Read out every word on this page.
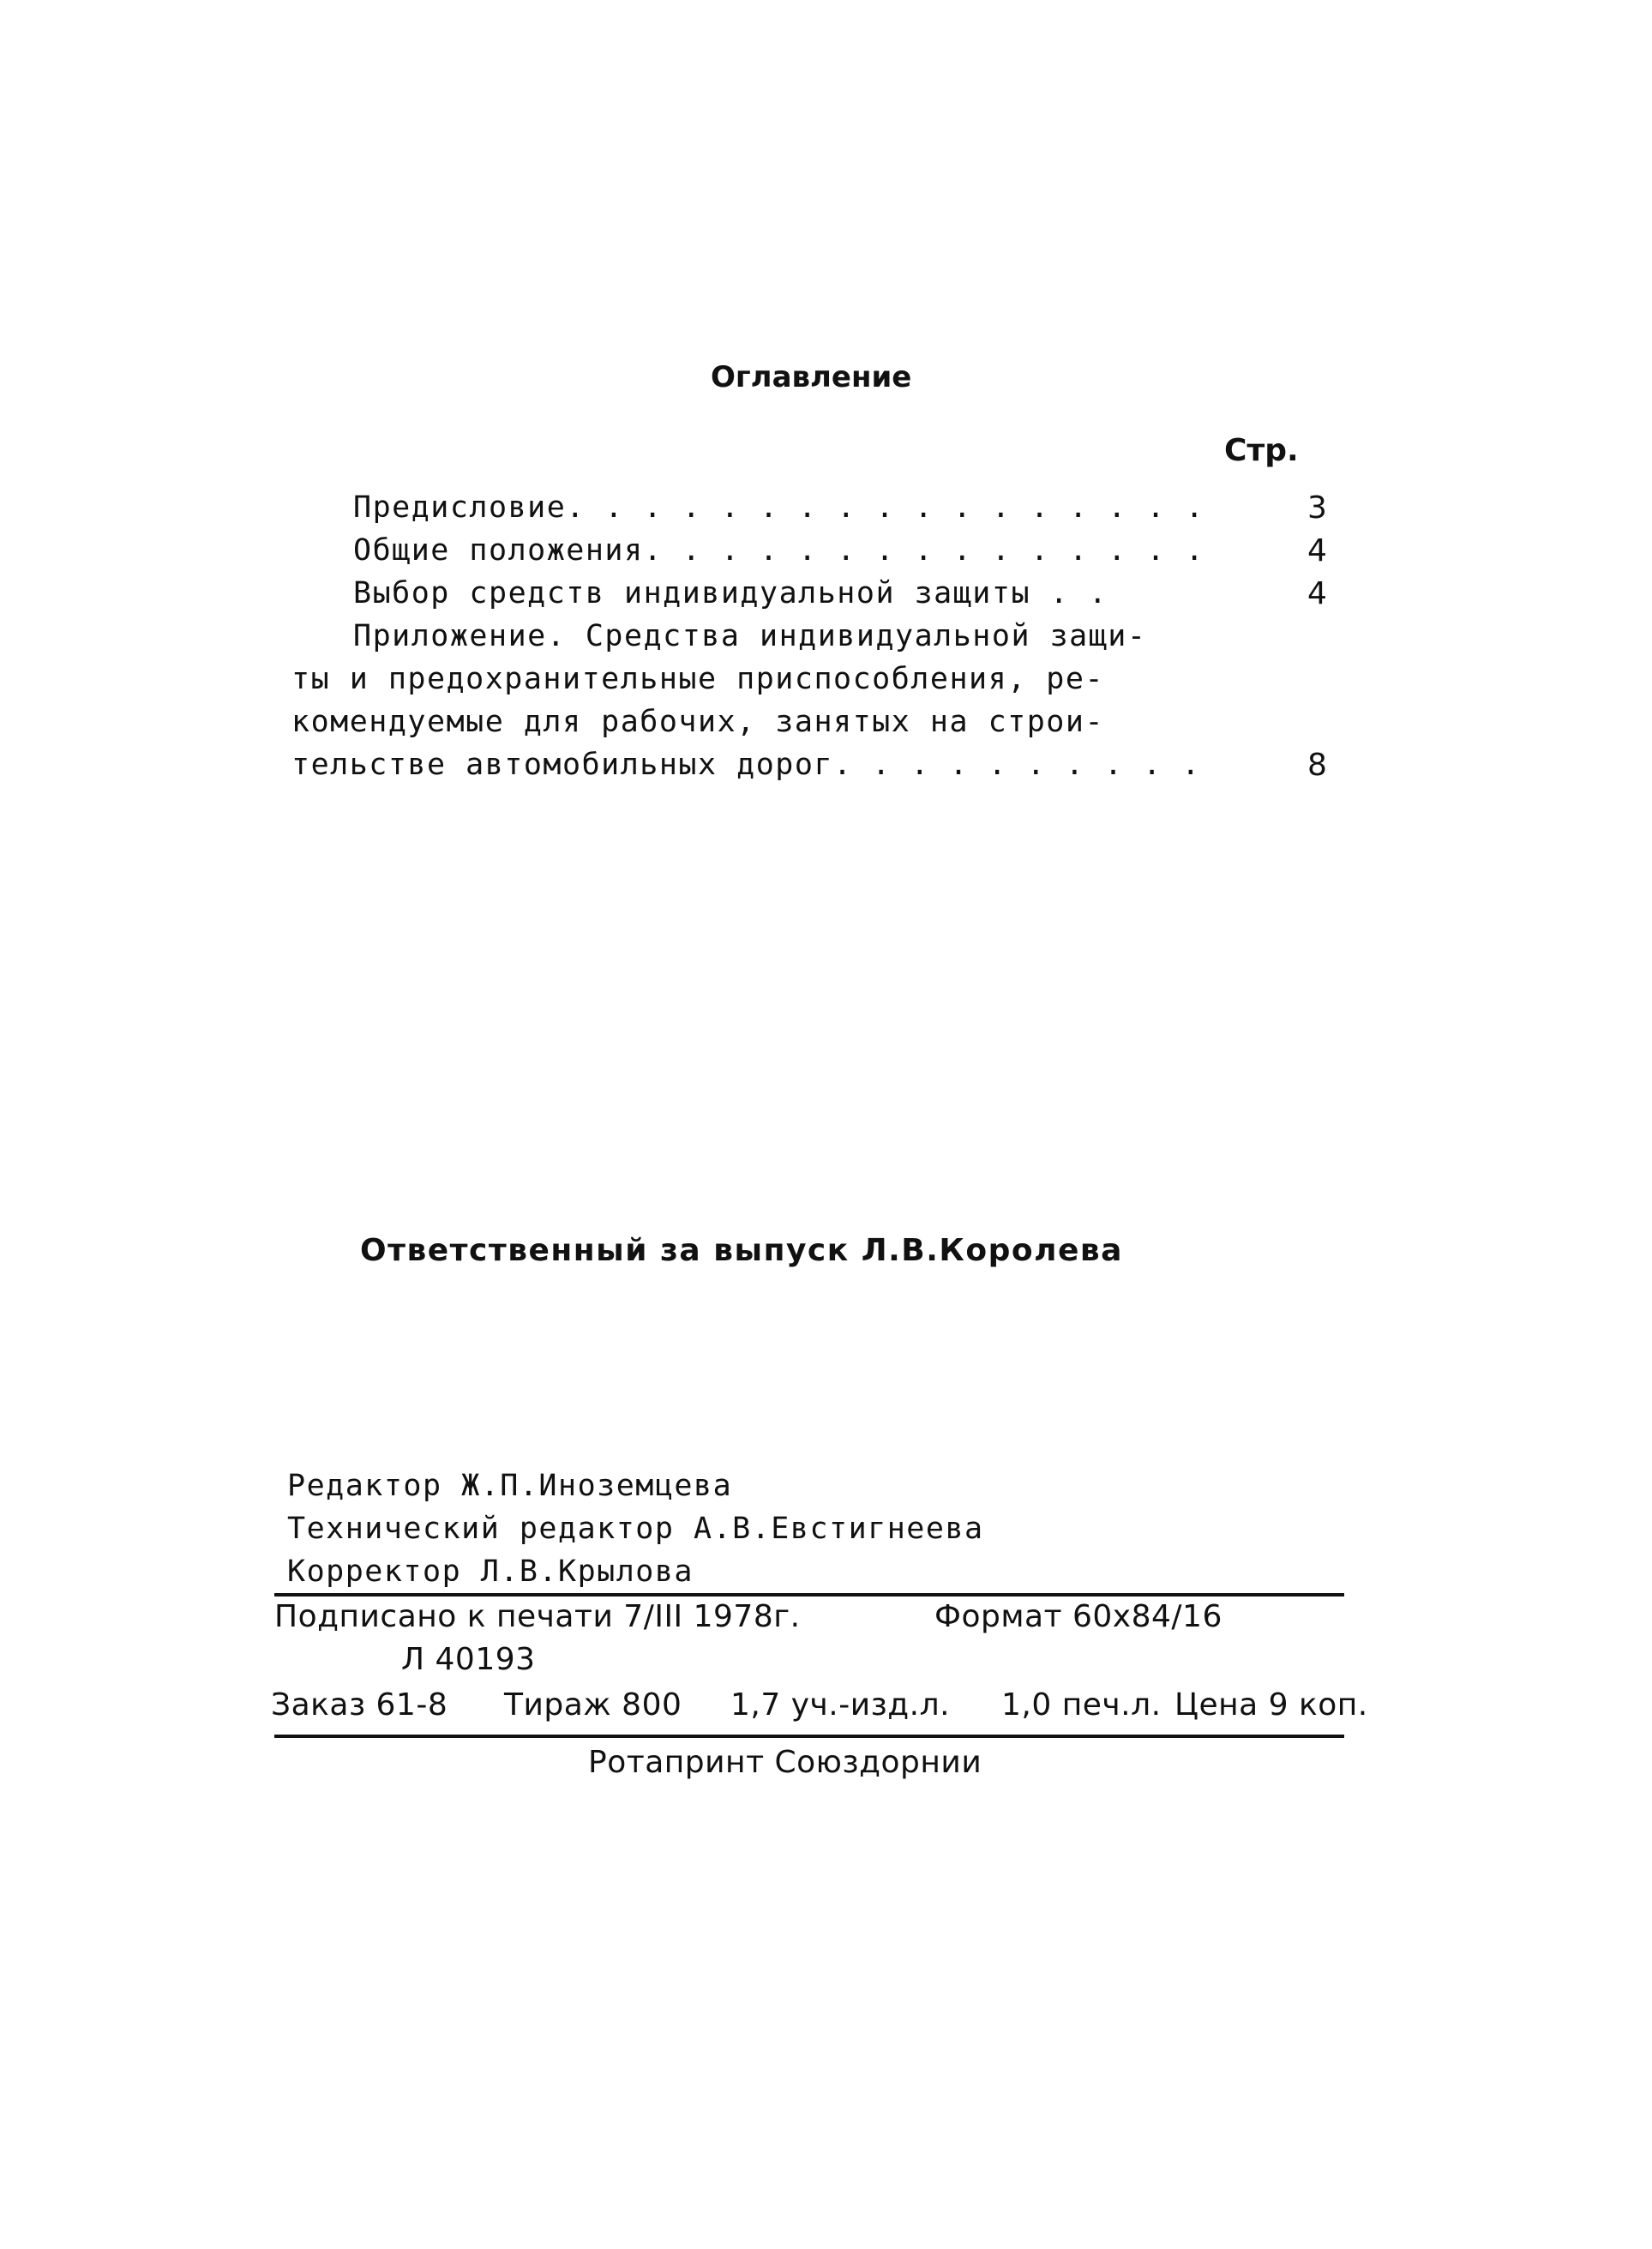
Оглавление
Стр.
Предисловие. . . . . . . . . . . . . . . . .	3
Общие положения. . . . . . . . . . . . . . .	4
Выбор средств индивидуальной защиты . .	4
Приложение. Средства индивидуальной защи-
ты и предохранительные приспособления, ре-
комендуемые для рабочих, занятых на строи-
тельстве автомобильных дорог. . . . . . . . . .	8
Ответственный за выпуск Л.В.Королева
Редактор Ж.П.Иноземцева
Технический редактор А.В.Евстигнеева
Корректор Л.В.Крылова
Подписано к печати 7/III 1978г.	Формат 60х84/16
Л 40193
Заказ 61-8 Тираж 800 1,7 уч.-изд.л. 1,0 печ.л. Цена 9 коп.
Ротапринт Союздорнии
